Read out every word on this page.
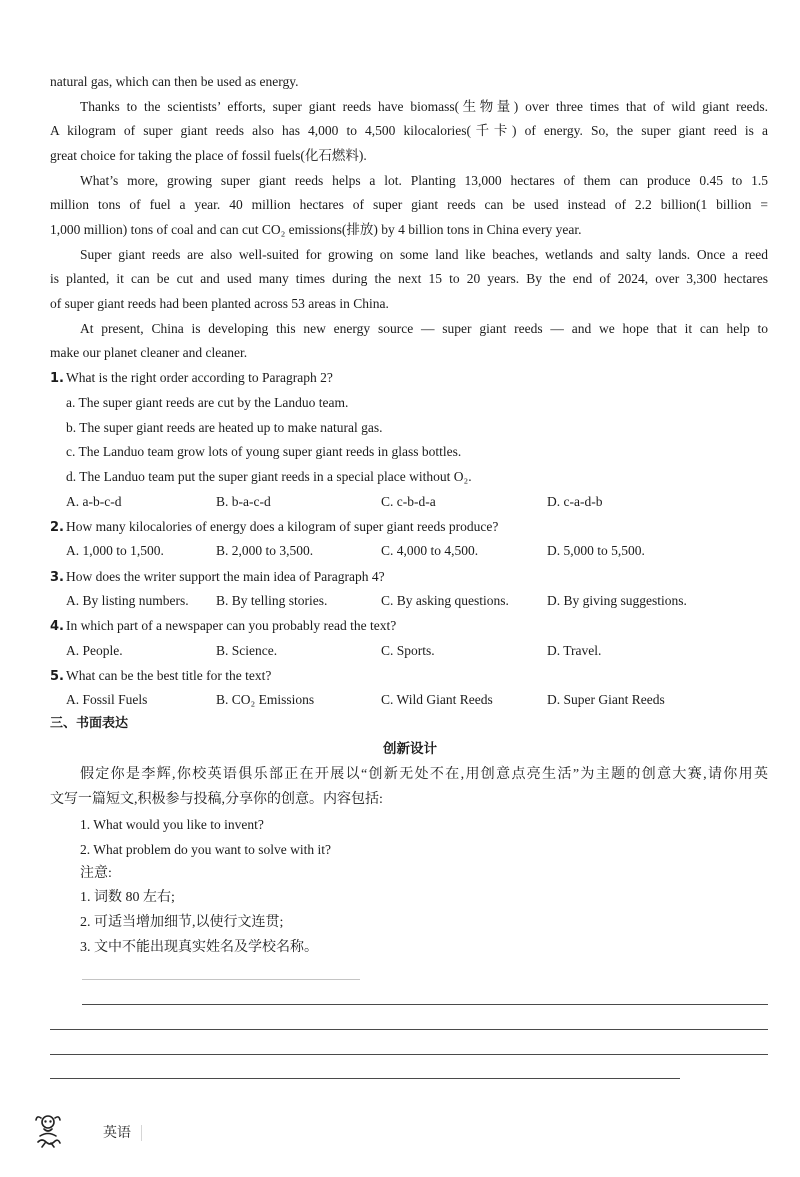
natural gas, which can then be used as energy.
Thanks to the scientists’ efforts, super giant reeds have biomass(生物量) over three times that of wild giant reeds.
A kilogram of super giant reeds also has 4,000 to 4,500 kilocalories(千卡) of energy. So, the super giant reed is a
great choice for taking the place of fossil fuels(化石燃料).
What’s more, growing super giant reeds helps a lot. Planting 13,000 hectares of them can produce 0.45 to 1.5
million tons of fuel a year. 40 million hectares of super giant reeds can be used instead of 2.2 billion(1 billion =
1,000 million) tons of coal and can cut CO₂ emissions(排放) by 4 billion tons in China every year.
Super giant reeds are also well-suited for growing on some land like beaches, wetlands and salty lands. Once a reed
is planted, it can be cut and used many times during the next 15 to 20 years. By the end of 2024, over 3,300 hectares
of super giant reeds had been planted across 53 areas in China.
At present, China is developing this new energy source — super giant reeds — and we hope that it can help to
make our planet cleaner and cleaner.
1. What is the right order according to Paragraph 2?
a. The super giant reeds are cut by the Landuo team.
b. The super giant reeds are heated up to make natural gas.
c. The Landuo team grow lots of young super giant reeds in glass bottles.
d. The Landuo team put the super giant reeds in a special place without O₂.
A. a-b-c-d	B. b-a-c-d	C. c-b-d-a	D. c-a-d-b
2. How many kilocalories of energy does a kilogram of super giant reeds produce?
A. 1,000 to 1,500.	B. 2,000 to 3,500.	C. 4,000 to 4,500.	D. 5,000 to 5,500.
3. How does the writer support the main idea of Paragraph 4?
A. By listing numbers. B. By telling stories.	C. By asking questions.	D. By giving suggestions.
4. In which part of a newspaper can you probably read the text?
A. People.	B. Science.	C. Sports.	D. Travel.
5. What can be the best title for the text?
A. Fossil Fuels	B. CO₂ Emissions	C. Wild Giant Reeds	D. Super Giant Reeds
三、书面表达
创新设计
假定你是李辉,你校英语俱乐部正在开展以“创新无处不在,用创意点亮生活”为主题的创意大赛,请你用英
文写一篇短文,积极参与投稿,分享你的创意。内容包括:
1. What would you like to invent?
2. What problem do you want to solve with it?
注意:
1. 词数 80 左右;
2. 可适当增加细节,以使行文连贯;
3. 文中不能出现真实姓名及学校名称。
英语
